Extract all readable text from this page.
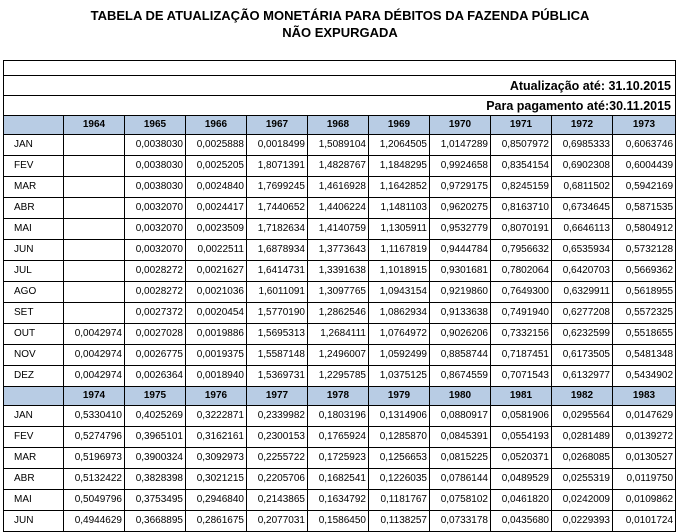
TABELA DE ATUALIZAÇÃO MONETÁRIA PARA DÉBITOS DA FAZENDA PÚBLICA
NÃO EXPURGADA

Atualização até: 31.10.2015										
Para pagamento até:30.11.2015										
	1964	1965	1966	1967	1968	1969	1970	1971	1972	1973
JAN		0,0038030	0,0025888	0,0018499	1,5089104	1,2064505	1,0147289	0,8507972	0,6985333	0,6063746
FEV		0,0038030	0,0025205	1,8071391	1,4828767	1,1848295	0,9924658	0,8354154	0,6902308	0,6004439
MAR		0,0038030	0,0024840	1,7699245	1,4616928	1,1642852	0,9729175	0,8245159	0,6811502	0,5942169
ABR		0,0032070	0,0024417	1,7440652	1,4406224	1,1481103	0,9620275	0,8163710	0,6734645	0,5871535
MAI		0,0032070	0,0023509	1,7182634	1,4140759	1,1305911	0,9532779	0,8070191	0,6646113	0,5804912
JUN		0,0032070	0,0022511	1,6878934	1,3773643	1,1167819	0,9444784	0,7956632	0,6535934	0,5732128
JUL		0,0028272	0,0021627	1,6414731	1,3391638	1,1018915	0,9301681	0,7802064	0,6420703	0,5669362
AGO		0,0028272	0,0021036	1,6011091	1,3097765	1,0943154	0,9219860	0,7649300	0,6329911	0,5618955
SET		0,0027372	0,0020454	1,5770190	1,2862546	1,0862934	0,9133638	0,7491940	0,6277208	0,5572325
OUT	0,0042974	0,0027028	0,0019886	1,5695313	1,2684111	1,0764972	0,9026206	0,7332156	0,6232599	0,5518655
NOV	0,0042974	0,0026775	0,0019375	1,5587148	1,2496007	1,0592499	0,8858744	0,7187451	0,6173505	0,5481348
DEZ	0,0042974	0,0026364	0,0018940	1,5369731	1,2295785	1,0375125	0,8674559	0,7071543	0,6132977	0,5434902
	1974	1975	1976	1977	1978	1979	1980	1981	1982	1983
JAN	0,5330410	0,4025269	0,3222871	0,2339982	0,1803196	0,1314906	0,0880917	0,0581906	0,0295564	0,0147629
FEV	0,5274796	0,3965101	0,3162161	0,2300153	0,1765924	0,1285870	0,0845391	0,0554193	0,0281489	0,0139272
MAR	0,5196973	0,3900324	0,3092973	0,2255722	0,1725923	0,1256653	0,0815225	0,0520371	0,0268085	0,0130527
ABR	0,5132422	0,3828398	0,3021215	0,2205706	0,1682541	0,1226035	0,0786144	0,0489529	0,0255319	0,0119750
MAI	0,5049796	0,3753495	0,2946840	0,2143865	0,1634792	0,1181767	0,0758102	0,0461820	0,0242009	0,0109862
JUN	0,4944629	0,3668895	0,2861675	0,2077031	0,1586450	0,1138257	0,0733178	0,0435680	0,0229393	0,0101724
